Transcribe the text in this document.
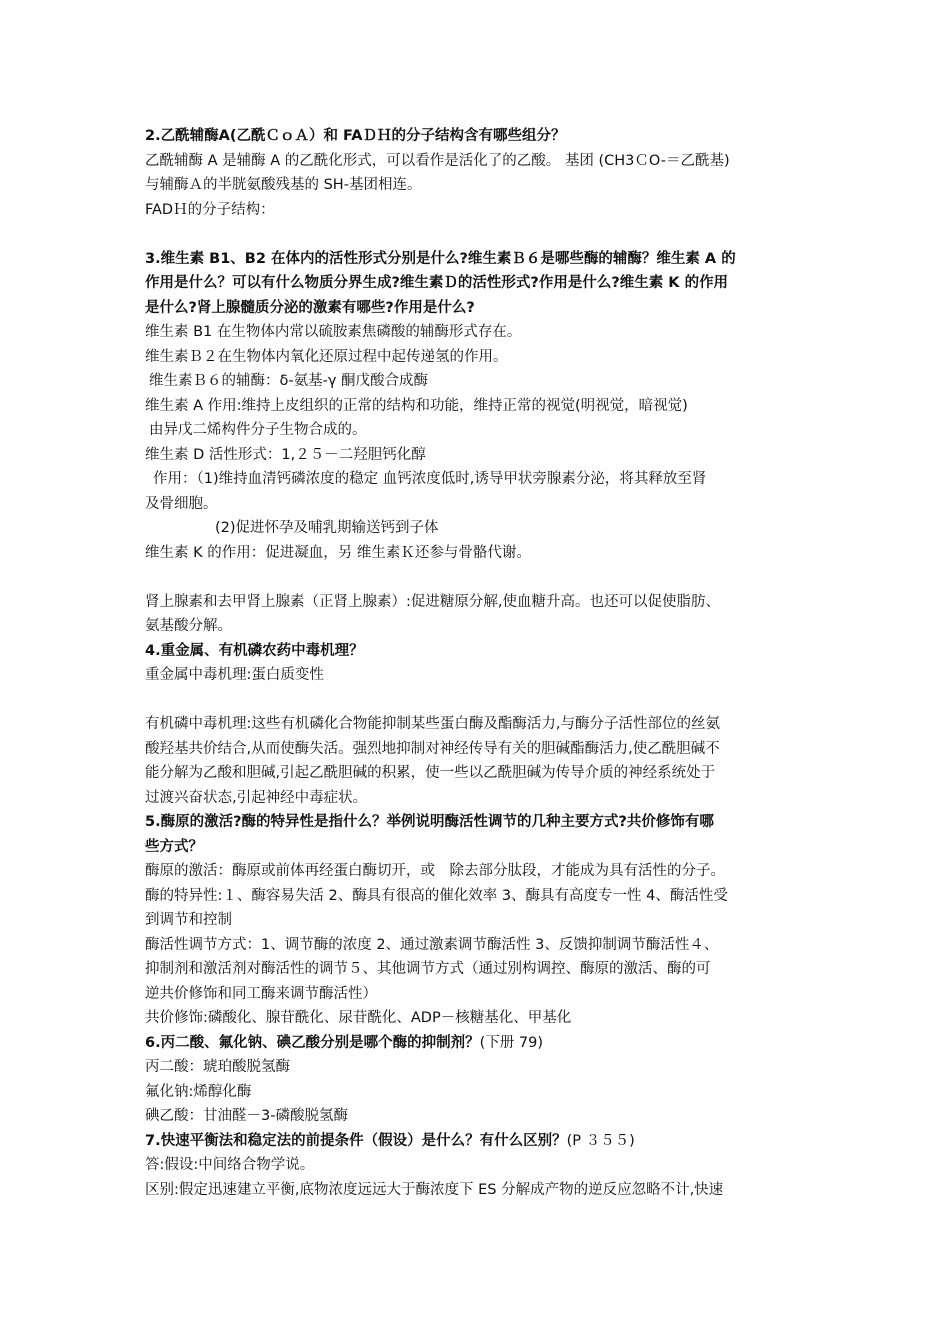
2.乙酰辅酶A(乙酰ＣｏＡ）和 FAＤＨ的分子结构含有哪些组分？

乙酰辅酶 A 是辅酶 A 的乙酰化形式，可以看作是活化了的乙酸。 基团 (CH3ＣO-＝乙酰基)

与辅酶Ａ的半胱氨酸残基的 SH-基团相连。

FADＨ的分子结构：

3.维生素 B1、B2 在体内的活性形式分别是什么?维生素Ｂ６是哪些酶的辅酶？维生素 A 的

作用是什么？可以有什么物质分界生成?维生素Ｄ的活性形式?作用是什么?维生素 K 的作用

是什么?肾上腺髓质分泌的激素有哪些?作用是什么?

维生素 B1 在生物体内常以硫胺素焦磷酸的辅酶形式存在。

维生素Ｂ２在生物体内氧化还原过程中起传递氢的作用。

维生素Ｂ６的辅酶：δ-氨基-γ 酮戊酸合成酶

维生素 A 作用:维持上皮组织的正常的结构和功能，维持正常的视觉(明视觉，暗视觉)

由异戊二烯构件分子生物合成的。

维生素 D 活性形式：1,２５－二羟胆钙化醇

作用：（1)维持血清钙磷浓度的稳定 血钙浓度低时,诱导甲状旁腺素分泌，将其释放至肾

及骨细胞。

(2)促进怀孕及哺乳期输送钙到子体

维生素 K 的作用：促进凝血，另 维生素Ｋ还参与骨骼代谢。

肾上腺素和去甲肾上腺素（正肾上腺素）:促进糖原分解,使血糖升高。也还可以促使脂肪、

氨基酸分解。

4.重金属、有机磷农药中毒机理？

重金属中毒机理:蛋白质变性

有机磷中毒机理:这些有机磷化合物能抑制某些蛋白酶及酯酶活力,与酶分子活性部位的丝氨

酸羟基共价结合,从而使酶失活。强烈地抑制对神经传导有关的胆碱酯酶活力,使乙酰胆碱不

能分解为乙酸和胆碱,引起乙酰胆碱的积累，使一些以乙酰胆碱为传导介质的神经系统处于

过渡兴奋状态,引起神经中毒症状。

5.酶原的激活?酶的特异性是指什么？举例说明酶活性调节的几种主要方式?共价修饰有哪

些方式？

酶原的激活：酶原或前体再经蛋白酶切开，或　除去部分肽段，才能成为具有活性的分子。

酶的特异性:１、酶容易失活 2、酶具有很高的催化效率 3、酶具有高度专一性 4、酶活性受

到调节和控制

酶活性调节方式：1、调节酶的浓度 2、通过激素调节酶活性 3、反馈抑制调节酶活性４、

抑制剂和激活剂对酶活性的调节５、其他调节方式（通过别构调控、酶原的激活、酶的可

逆共价修饰和同工酶来调节酶活性）

共价修饰:磷酸化、腺苷酰化、尿苷酰化、ADP－核糖基化、甲基化

6.丙二酸、氟化钠、碘乙酸分别是哪个酶的抑制剂？(下册 79)

丙二酸：琥珀酸脱氢酶

氟化钠:烯醇化酶

碘乙酸：甘油醛－3-磷酸脱氢酶

7.快速平衡法和稳定法的前提条件（假设）是什么？有什么区别？(P ３５５)

答:假设:中间络合物学说。

区别:假定迅速建立平衡,底物浓度远远大于酶浓度下 ES 分解成产物的逆反应忽略不计,快速
